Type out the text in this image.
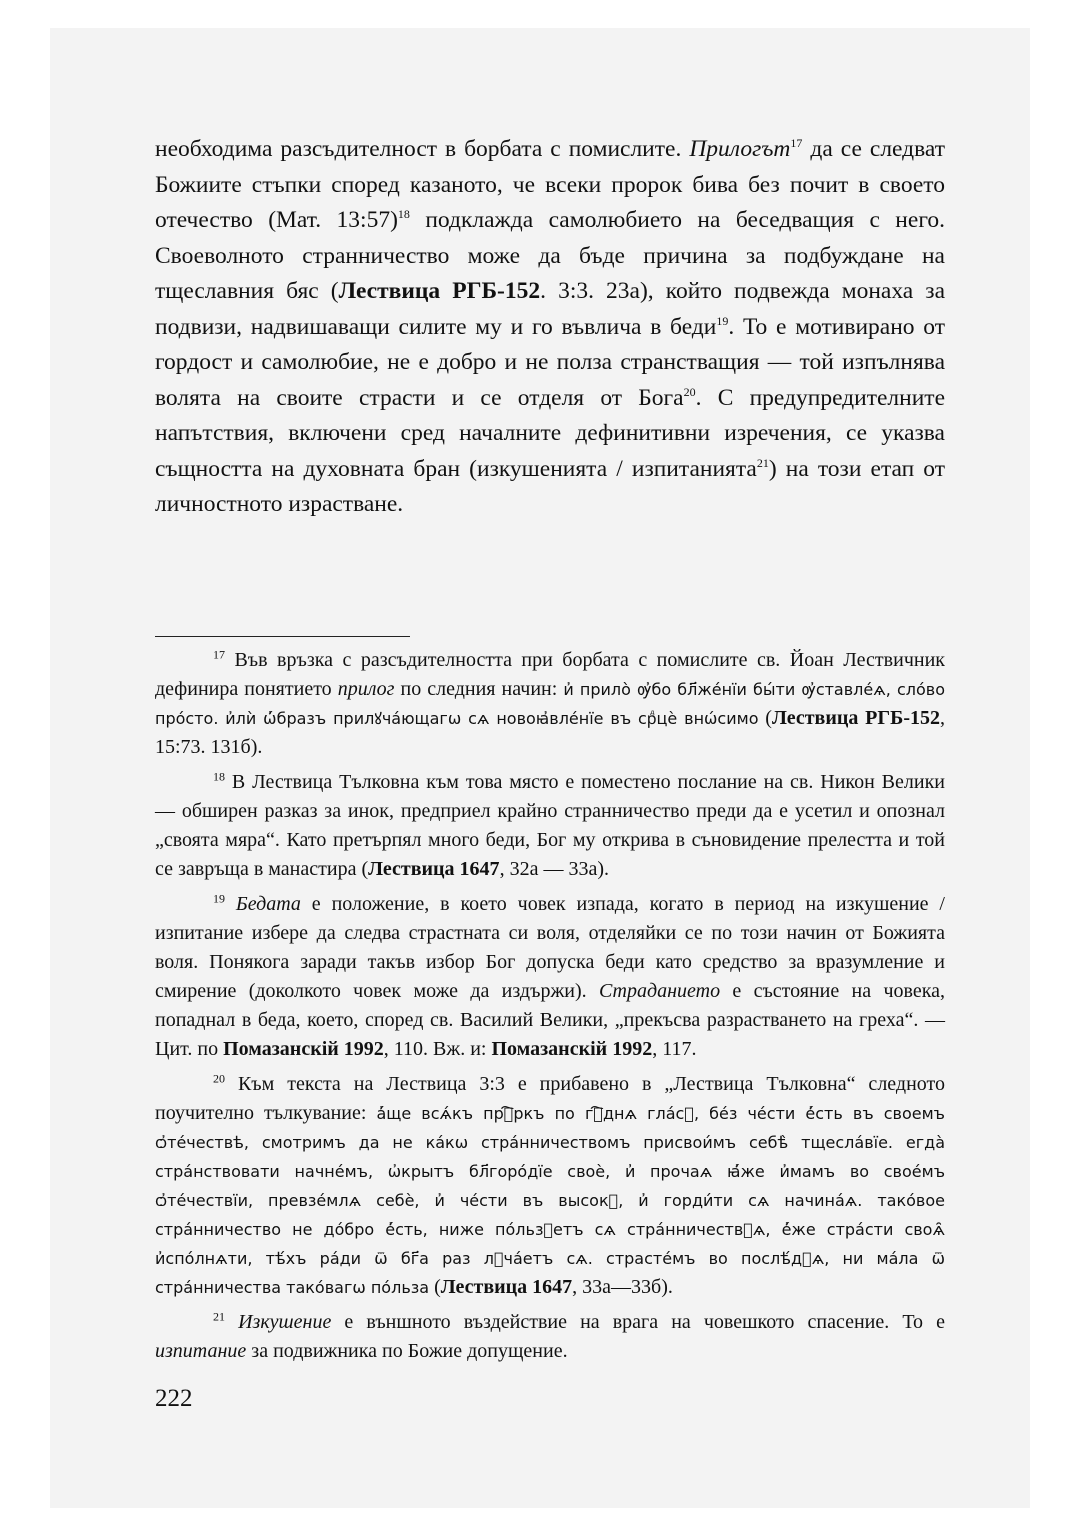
необходима разсъдителност в борбата с помислите. Прилогът$^{17}$ да се следват Божиите стъпки според казаното, че всеки пророк бива без почит в своето отечество (Мат. 13:57)$^{18}$ подклажда самолюбието на беседващия с него. Своеволното странничество може да бъде причина за подбуждане на тщеславния бяс (Лествица РГБ-152. 3:3. 23а), който подвежда монаха за подвизи, надвишаващи силите му и го въвлича в беди$^{19}$. То е мотивирано от гордост и самолюбие, не е добро и не полза странстващия — той изпълнява волята на своите страсти и се отделя от Бога$^{20}$. С предупредителните напътствия, включени сред началните дефинитивни изречения, се указва същността на духовната бран (изкушенията / изпитанията$^{21}$) на този етап от личностното израстване.

$^{17}$ Във връзка с разсъдителността при борбата с помислите св. Йоан Лествичник дефинира понятието прилог по следния начин: и҆ прило̀ ѹ҆бо бл҃же́нїи бы́ти ѹ҆ставле́ѧ, сло́во про́сто. и҆лѝ ѡ҆́бразъ прилꙋча́ющагѡ сѧ новоꙗ҆вле́нїе въ срⷣцѐ внѡ́симо (Лествица РГБ-152, 15:73. 131б).

$^{18}$ В Лествица Тълковна към това място е поместено послание на св. Никон Велики — обширен разказ за инок, предприел крайно странничество преди да е усетил и опознал „своята мяра“. Като претърпял много беди, Бог му открива в съновидение прелестта и той се завръща в манастира (Лествица 1647, 32а — 33а).

$^{19}$ Бедата е положение, в което човек изпада, когато в период на изкушение / изпитание избере да следва страстната си воля, отделяйки се по този начин от Божията воля. Понякога заради такъв избор Бог допуска беди като средство за вразумление и смирение (доколкото човек може да издържи). Страданието е състояние на човека, попаднал в беда, което, според св. Василий Велики, „прекъсва разрастването на греха“. — Цит. по Помазанскій 1992, 110. Вж. и: Помазанскій 1992, 117.

$^{20}$ Към текста на Лествица 3:3 е прибавено в „Лествица Тълковна“ следното поучително тълкувание: а҆́ще всѧ́къ прⷪ҇ркъ по гⷭ҇днѧ гла́сꙋ, бе́з че́сти е҆́сть въ своемъ ѻ҆те́чествѣ, смотримъ да не ка́кѡ стра́нничествомъ присвои́мъ себѣ̀ тщесла́вїе. егда̀ стра́нствовати начне́мъ, ѡ҆крытъ бл҃горо́дїе своѐ, и҆ прочаѧ ꙗ҆́же и҆мамъ во свое́мъ ѻ҆те́чествїи, превзе́млѧ себѐ, и҆ че́сти въ высокꙋ, и҆ горди́ти сѧ начина́ѧ. тако́вое стра́нничество не до́бро е҆́сть, ниже по́льзꙋетъ сѧ стра́нничествꙋѧ, е҆́же стра́сти своѧ̑ и҆спо́лнѧти, тѣ́хъ ра́ди ѿ бг҃а раз лꙋча́етъ сѧ. страсте́мъ во послѣ́дꙋѧ, ни ма́ла ѿ стра́нничества тако́вагѡ по́льза (Лествица 1647, 33а—33б).

$^{21}$ Изкушение е външното въздействие на врага на човешкото спасение. То е изпитание за подвижника по Божие допущение.

222
